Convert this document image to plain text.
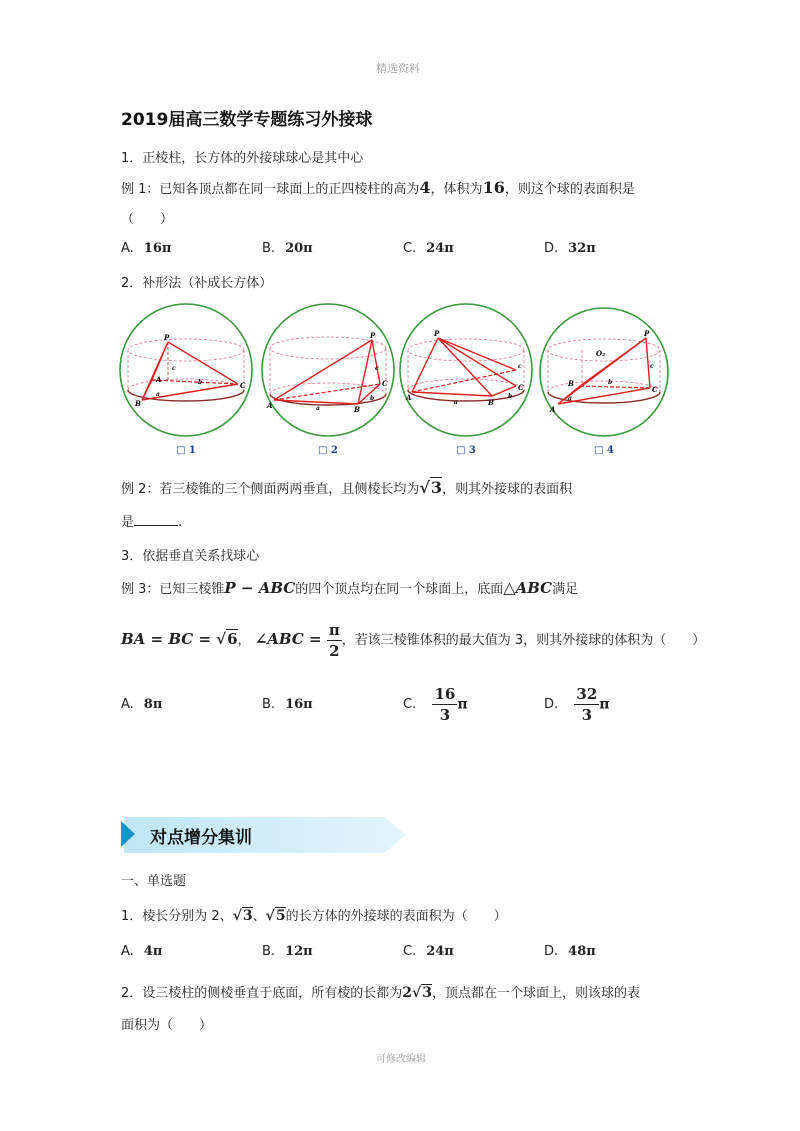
精选资料
2019届高三数学专题练习外接球
1．正棱柱，长方体的外接球球心是其中心
例 1：已知各顶点都在同一球面上的正四棱柱的高为4，体积为16，则这个球的表面积是
（　　）
A. 16π	B. 20π	C. 24π	D. 32π
2．补形法（补成长方体）
P
A
B
C
c
b
a
□ 1
P
A	B
C
c
b
a
□ 2
P
A
B
C
c
b
a
□ 3
O₂
P
A
B
C
c
a
b
□ 4
例 2：若三棱锥的三个侧面两两垂直，且侧棱长均为√3，则其外接球的表面积
是	.
3．依据垂直关系找球心
例 3：已知三棱锥P − ABC的四个顶点均在同一个球面上，底面△ABC满足
BA = BC = √6， ∠ABC = $\frac{\pi}{2}$ ，若该三棱锥体积的最大值为 3，则其外接球的体积为（　　）
A. 8π	B. 16π	C. $\frac{16}{3}$ π	D. $\frac{32}{3}$ π
对点增分集训
一、单选题
1．棱长分别为 2、√3、√5的长方体的外接球的表面积为（　　）
A. 4π	B. 12π	C. 24π	D. 48π
2．设三棱柱的侧棱垂直于底面，所有棱的长都为2√3，顶点都在一个球面上，则该球的表
面积为（　　）
可修改编辑
